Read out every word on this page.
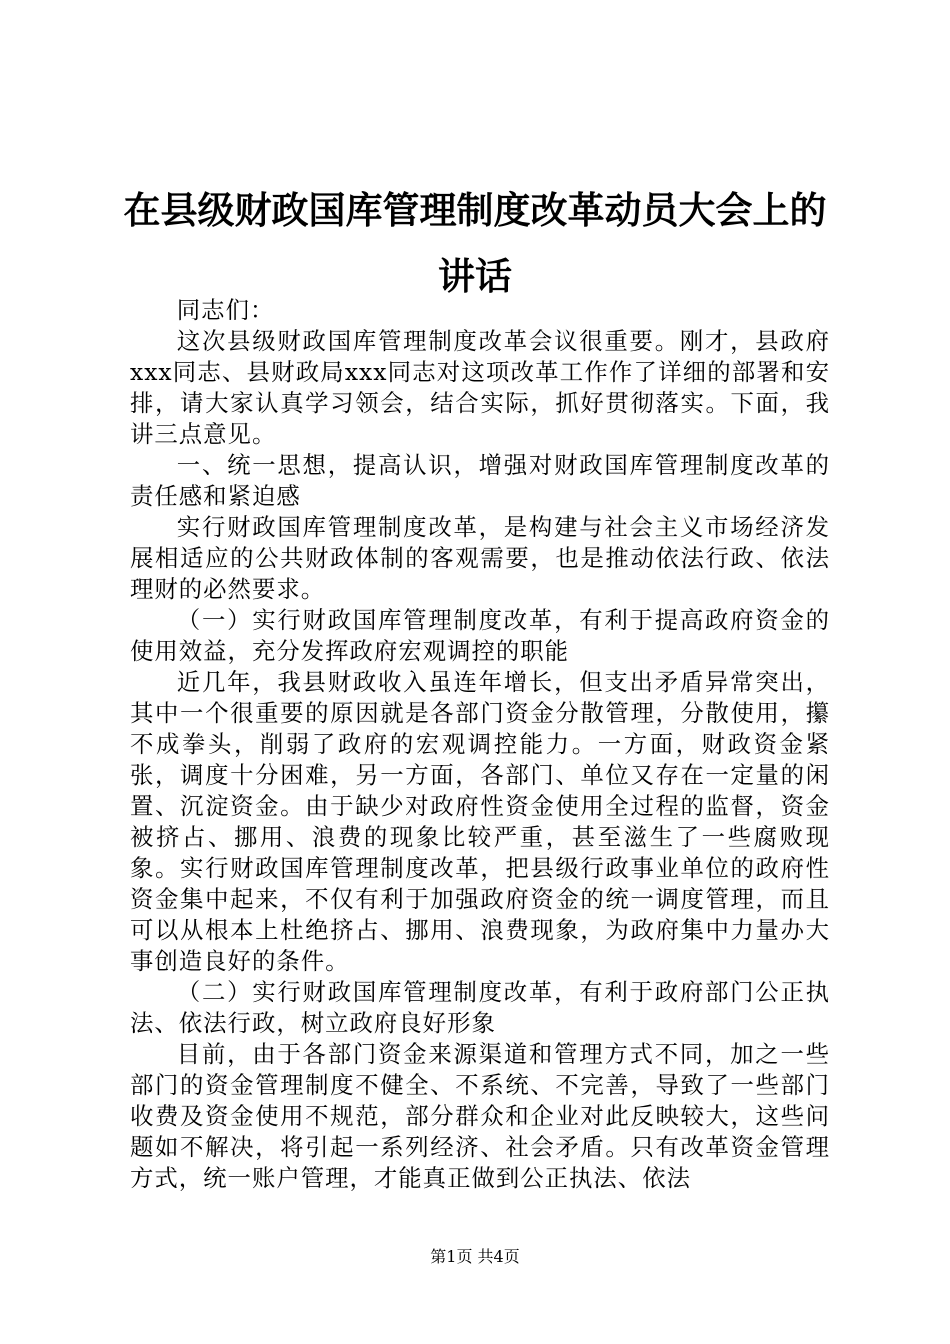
在县级财政国库管理制度改革动员大会上的讲话

同志们：

这次县级财政国库管理制度改革会议很重要。刚才，县政府xxx同志、县财政局xxx同志对这项改革工作作了详细的部署和安排，请大家认真学习领会，结合实际，抓好贯彻落实。下面，我讲三点意见。

一、统一思想，提高认识，增强对财政国库管理制度改革的责任感和紧迫感

实行财政国库管理制度改革，是构建与社会主义市场经济发展相适应的公共财政体制的客观需要，也是推动依法行政、依法理财的必然要求。

（一）实行财政国库管理制度改革，有利于提高政府资金的使用效益，充分发挥政府宏观调控的职能

近几年，我县财政收入虽连年增长，但支出矛盾异常突出，其中一个很重要的原因就是各部门资金分散管理，分散使用，攥不成拳头，削弱了政府的宏观调控能力。一方面，财政资金紧张，调度十分困难，另一方面，各部门、单位又存在一定量的闲置、沉淀资金。由于缺少对政府性资金使用全过程的监督，资金被挤占、挪用、浪费的现象比较严重，甚至滋生了一些腐败现象。实行财政国库管理制度改革，把县级行政事业单位的政府性资金集中起来，不仅有利于加强政府资金的统一调度管理，而且可以从根本上杜绝挤占、挪用、浪费现象，为政府集中力量办大事创造良好的条件。

（二）实行财政国库管理制度改革，有利于政府部门公正执法、依法行政，树立政府良好形象

目前，由于各部门资金来源渠道和管理方式不同，加之一些部门的资金管理制度不健全、不系统、不完善，导致了一些部门收费及资金使用不规范，部分群众和企业对此反映较大，这些问题如不解决，将引起一系列经济、社会矛盾。只有改革资金管理方式，统一账户管理，才能真正做到公正执法、依法

第1页 共4页
